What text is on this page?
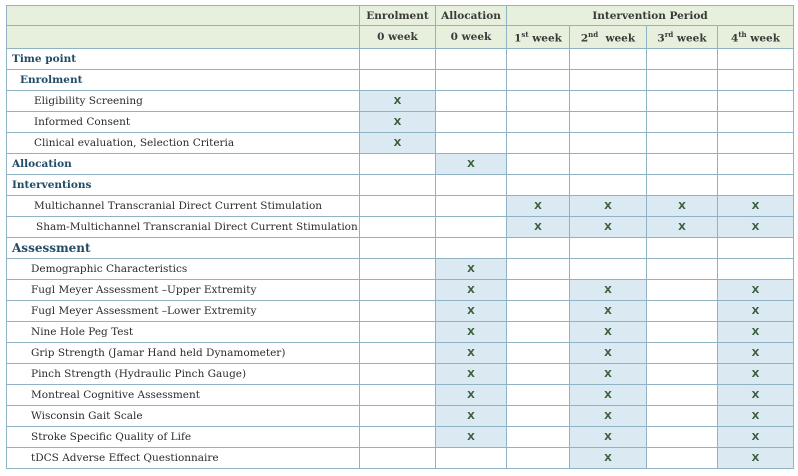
	Enrolment	Allocation	Intervention Period			
	0 week	0 week	1st week	2nd  week	3rd week	4th week
Time point						
Enrolment						
Eligibility Screening	X					
Informed Consent	X					
Clinical evaluation, Selection Criteria	X					
Allocation		X				
Interventions						
Multichannel Transcranial Direct Current Stimulation			X	X	X	X
Sham-Multichannel Transcranial Direct Current Stimulation			X	X	X	X
Assessment						
Demographic Characteristics		X				
Fugl Meyer Assessment –Upper Extremity		X		X		X
Fugl Meyer Assessment –Lower Extremity		X		X		X
Nine Hole Peg Test		X		X		X
Grip Strength (Jamar Hand held Dynamometer)		X		X		X
Pinch Strength (Hydraulic Pinch Gauge)		X		X		X
Montreal Cognitive Assessment		X		X		X
Wisconsin Gait Scale		X		X		X
Stroke Specific Quality of Life		X		X		X
tDCS Adverse Effect Questionnaire				X		X
